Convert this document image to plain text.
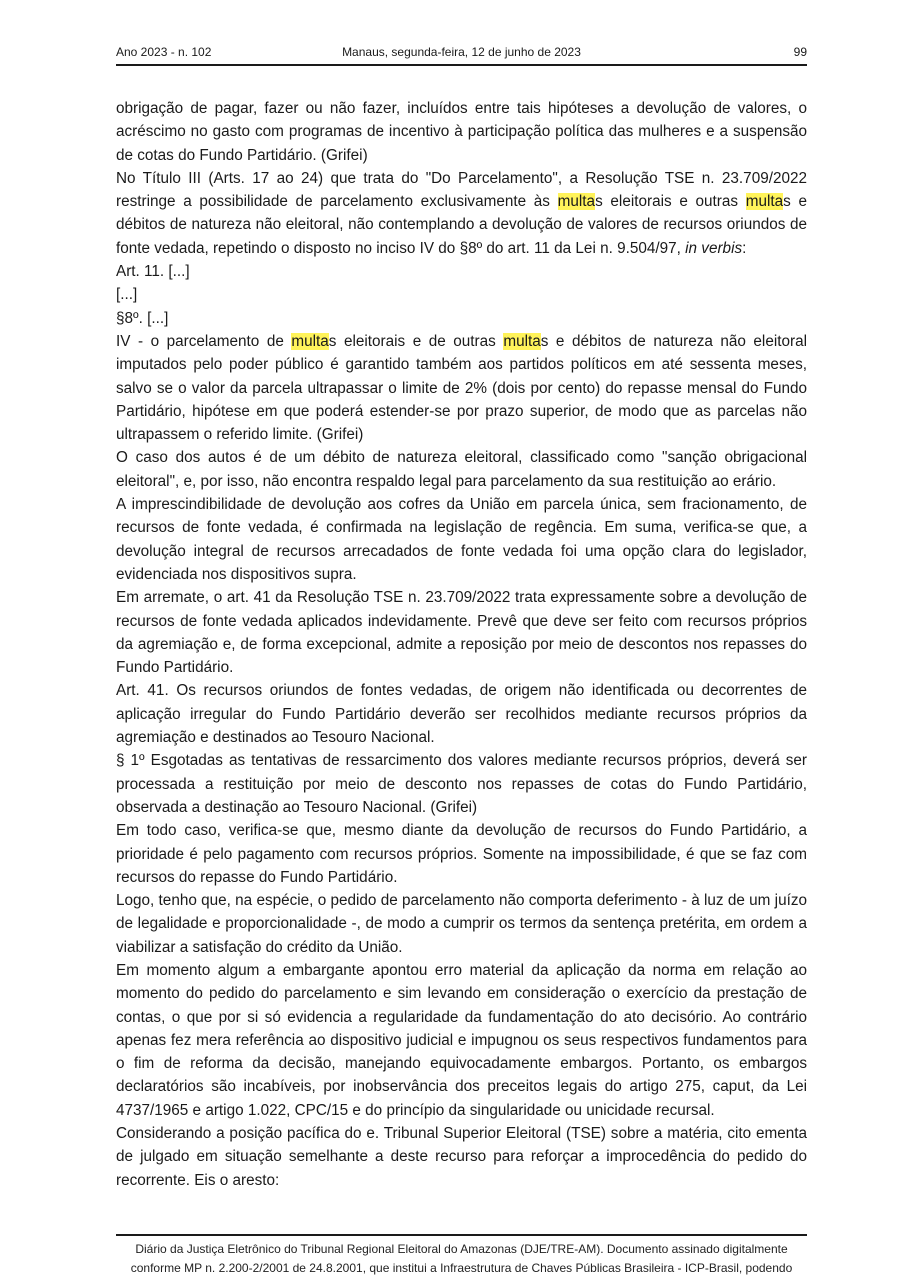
Ano 2023 - n. 102	Manaus, segunda-feira, 12 de junho de 2023	99

obrigação de pagar, fazer ou não fazer, incluídos entre tais hipóteses a devolução de valores, o acréscimo no gasto com programas de incentivo à participação política das mulheres e a suspensão de cotas do Fundo Partidário. (Grifei)

No Título III (Arts. 17 ao 24) que trata do "Do Parcelamento", a Resolução TSE n. 23.709/2022 restringe a possibilidade de parcelamento exclusivamente às multas eleitorais e outras multas e débitos de natureza não eleitoral, não contemplando a devolução de valores de recursos oriundos de fonte vedada, repetindo o disposto no inciso IV do §8º do art. 11 da Lei n. 9.504/97, in verbis:

Art. 11. [...]

[...]

§8º. [...]

IV - o parcelamento de multas eleitorais e de outras multas e débitos de natureza não eleitoral imputados pelo poder público é garantido também aos partidos políticos em até sessenta meses, salvo se o valor da parcela ultrapassar o limite de 2% (dois por cento) do repasse mensal do Fundo Partidário, hipótese em que poderá estender-se por prazo superior, de modo que as parcelas não ultrapassem o referido limite. (Grifei)

O caso dos autos é de um débito de natureza eleitoral, classificado como "sanção obrigacional eleitoral", e, por isso, não encontra respaldo legal para parcelamento da sua restituição ao erário.

A imprescindibilidade de devolução aos cofres da União em parcela única, sem fracionamento, de recursos de fonte vedada, é confirmada na legislação de regência. Em suma, verifica-se que, a devolução integral de recursos arrecadados de fonte vedada foi uma opção clara do legislador, evidenciada nos dispositivos supra.

Em arremate, o art. 41 da Resolução TSE n. 23.709/2022 trata expressamente sobre a devolução de recursos de fonte vedada aplicados indevidamente. Prevê que deve ser feito com recursos próprios da agremiação e, de forma excepcional, admite a reposição por meio de descontos nos repasses do Fundo Partidário.

Art. 41. Os recursos oriundos de fontes vedadas, de origem não identificada ou decorrentes de aplicação irregular do Fundo Partidário deverão ser recolhidos mediante recursos próprios da agremiação e destinados ao Tesouro Nacional.

§ 1º Esgotadas as tentativas de ressarcimento dos valores mediante recursos próprios, deverá ser processada a restituição por meio de desconto nos repasses de cotas do Fundo Partidário, observada a destinação ao Tesouro Nacional. (Grifei)

Em todo caso, verifica-se que, mesmo diante da devolução de recursos do Fundo Partidário, a prioridade é pelo pagamento com recursos próprios. Somente na impossibilidade, é que se faz com recursos do repasse do Fundo Partidário.

Logo, tenho que, na espécie, o pedido de parcelamento não comporta deferimento - à luz de um juízo de legalidade e proporcionalidade -, de modo a cumprir os termos da sentença pretérita, em ordem a viabilizar a satisfação do crédito da União.

Em momento algum a embargante apontou erro material da aplicação da norma em relação ao momento do pedido do parcelamento e sim levando em consideração o exercício da prestação de contas, o que por si só evidencia a regularidade da fundamentação do ato decisório. Ao contrário apenas fez mera referência ao dispositivo judicial e impugnou os seus respectivos fundamentos para o fim de reforma da decisão, manejando equivocadamente embargos. Portanto, os embargos declaratórios são incabíveis, por inobservância dos preceitos legais do artigo 275, caput, da Lei 4737/1965 e artigo 1.022, CPC/15 e do princípio da singularidade ou unicidade recursal.

Considerando a posição pacífica do e. Tribunal Superior Eleitoral (TSE) sobre a matéria, cito ementa de julgado em situação semelhante a deste recurso para reforçar a improcedência do pedido do recorrente. Eis o aresto:

Diário da Justiça Eletrônico do Tribunal Regional Eleitoral do Amazonas (DJE/TRE-AM). Documento assinado digitalmente
conforme MP n. 2.200-2/2001 de 24.8.2001, que institui a Infraestrutura de Chaves Públicas Brasileira - ICP-Brasil, podendo
